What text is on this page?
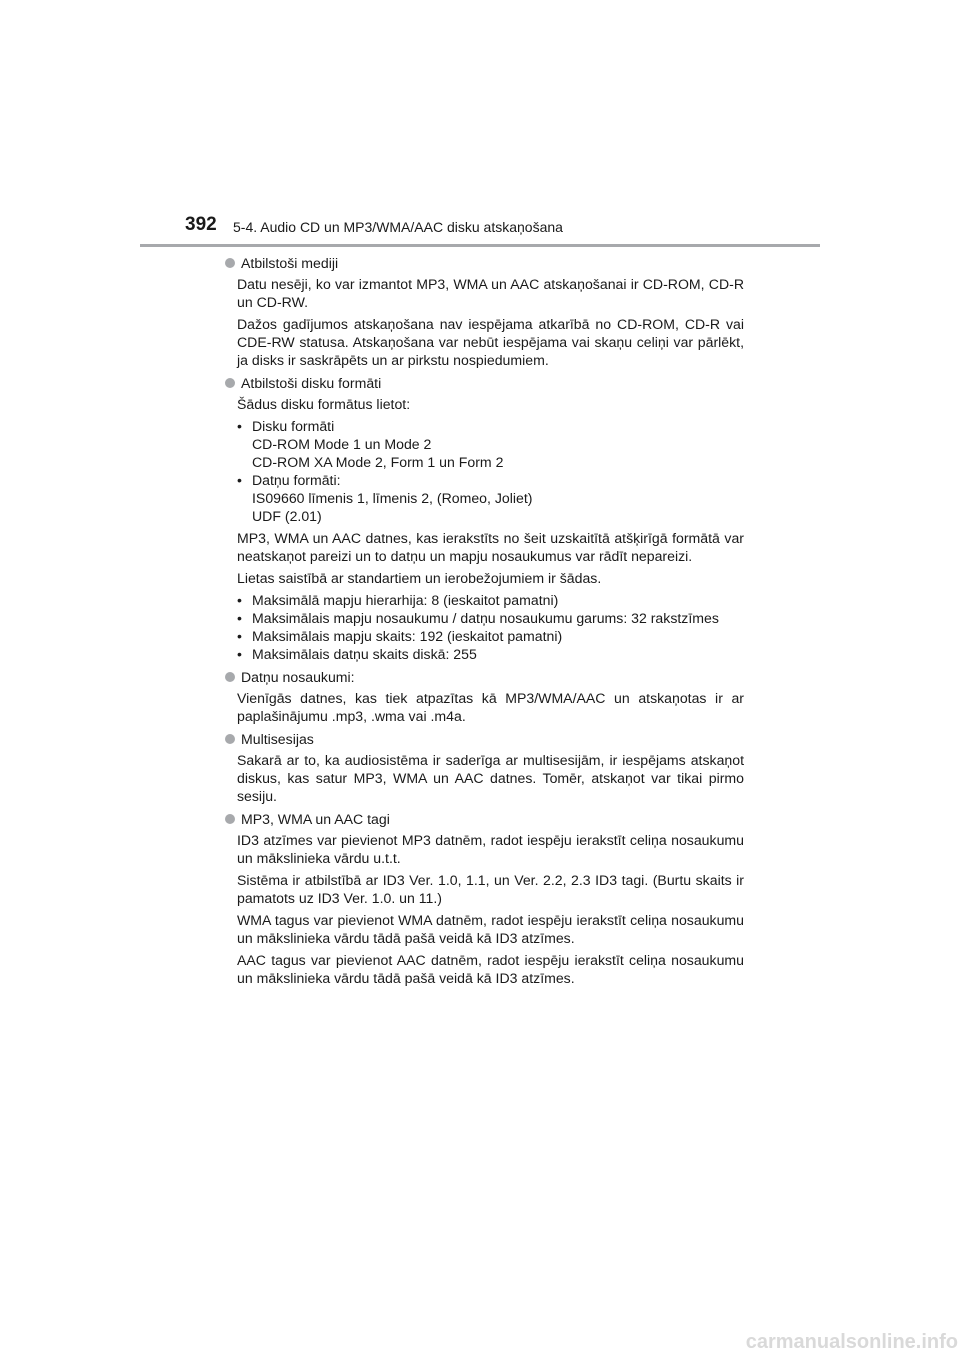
392 5-4. Audio CD un MP3/WMA/AAC disku atskaņošana
Atbilstoši mediji

Datu nesēji, ko var izmantot MP3, WMA un AAC atskaņošanai ir CD-ROM, CD-R un CD-RW.

Dažos gadījumos atskaņošana nav iespējama atkarībā no CD-ROM, CD-R vai CDE-RW statusa. Atskaņošana var nebūt iespējama vai skaņu celiņi var pārlēkt, ja disks ir saskrāpēts un ar pirkstu nospiedumiem.

Atbilstoši disku formāti

Šādus disku formātus lietot:

• Disku formāti
CD-ROM Mode 1 un Mode 2
CD-ROM XA Mode 2, Form 1 un Form 2
• Datņu formāti:
IS09660 līmenis 1, līmenis 2, (Romeo, Joliet)
UDF (2.01)

MP3, WMA un AAC datnes, kas ierakstīts no šeit uzskaitītā atšķirīgā formātā var neatskaņot pareizi un to datņu un mapju nosaukumus var rādīt nepareizi.

Lietas saistībā ar standartiem un ierobežojumiem ir šādas.

• Maksimālā mapju hierarhija: 8 (ieskaitot pamatni)
• Maksimālais mapju nosaukumu / datņu nosaukumu garums: 32 rakstzīmes
• Maksimālais mapju skaits: 192 (ieskaitot pamatni)
• Maksimālais datņu skaits diskā: 255
Datņu nosaukumi:

Vienīgās datnes, kas tiek atpazītas kā MP3/WMA/AAC un atskaņotas ir ar paplašinājumu .mp3, .wma vai .m4a.

Multisesijas

Sakarā ar to, ka audiosistēma ir saderīga ar multisesijām, ir iespējams atskaņot diskus, kas satur MP3, WMA un AAC datnes. Tomēr, atskaņot var tikai pirmo sesiju.

MP3, WMA un AAC tagi

ID3 atzīmes var pievienot MP3 datnēm, radot iespēju ierakstīt celiņa nosaukumu un mākslinieka vārdu u.t.t.

Sistēma ir atbilstībā ar ID3 Ver. 1.0, 1.1, un Ver. 2.2, 2.3 ID3 tagi. (Burtu skaits ir pamatots uz ID3 Ver. 1.0. un 11.)

WMA tagus var pievienot WMA datnēm, radot iespēju ierakstīt celiņa nosaukumu un mākslinieka vārdu tādā pašā veidā kā ID3 atzīmes.

AAC tagus var pievienot AAC datnēm, radot iespēju ierakstīt celiņa nosaukumu un mākslinieka vārdu tādā pašā veidā kā ID3 atzīmes.

carmanualsonline.info
